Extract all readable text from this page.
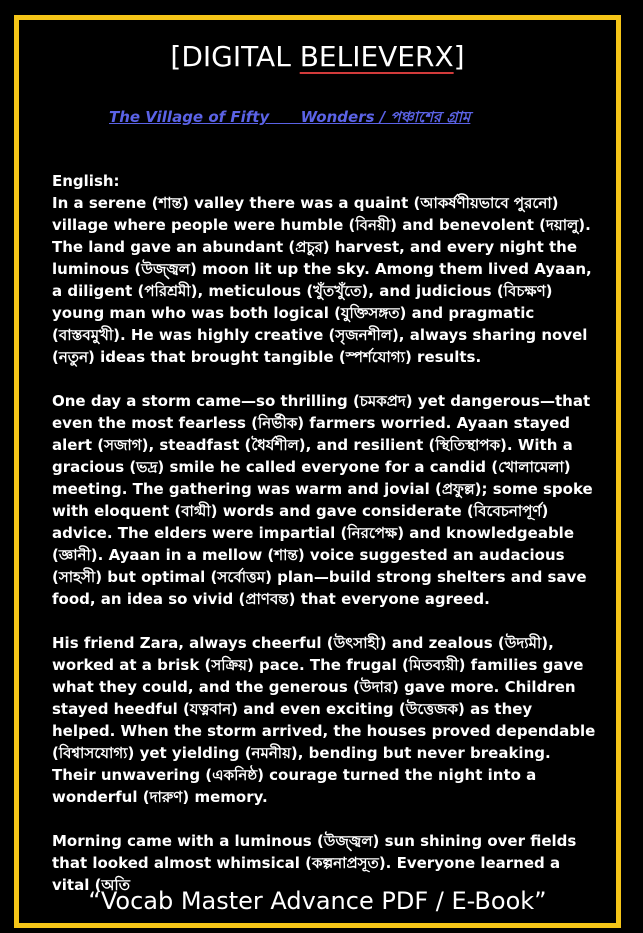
[DIGITAL BELIEVERX]
The Village of Fifty      Wonders / পঞ্চাশের গ্রাম
English:

In a serene (শান্ত) valley there was a quaint (আকর্ষণীয়ভাবে পুরনো) village where people were humble (বিনয়ী) and benevolent (দয়ালু). The land gave an abundant (প্রচুর) harvest, and every night the luminous (উজ্জ্বল) moon lit up the sky. Among them lived Ayaan, a diligent (পরিশ্রমী), meticulous (খুঁতখুঁতে), and judicious (বিচক্ষণ) young man who was both logical (যুক্তিসঙ্গত) and pragmatic (বাস্তবমুখী). He was highly creative (সৃজনশীল), always sharing novel (নতুন) ideas that brought tangible (স্পর্শযোগ্য) results.

One day a storm came—so thrilling (চমকপ্রদ) yet dangerous—that even the most fearless (নির্ভীক) farmers worried. Ayaan stayed alert (সজাগ), steadfast (ধৈর্যশীল), and resilient (স্থিতিস্থাপক). With a gracious (ভদ্র) smile he called everyone for a candid (খোলামেলা) meeting. The gathering was warm and jovial (প্রফুল্ল); some spoke with eloquent (বাগ্মী) words and gave considerate (বিবেচনাপূর্ণ) advice. The elders were impartial (নিরপেক্ষ) and knowledgeable (জ্ঞানী). Ayaan in a mellow (শান্ত) voice suggested an audacious (সাহসী) but optimal (সর্বোত্তম) plan—build strong shelters and save food, an idea so vivid (প্রাণবন্ত) that everyone agreed.

His friend Zara, always cheerful (উৎসাহী) and zealous (উদ্যমী), worked at a brisk (সক্রিয়) pace. The frugal (মিতব্যয়ী) families gave what they could, and the generous (উদার) gave more. Children stayed heedful (যত্নবান) and even exciting (উত্তেজক) as they helped. When the storm arrived, the houses proved dependable (বিশ্বাসযোগ্য) yet yielding (নমনীয়), bending but never breaking. Their unwavering (একনিষ্ঠ) courage turned the night into a wonderful (দারুণ) memory.

Morning came with a luminous (উজ্জ্বল) sun shining over fields that looked almost whimsical (কল্পনাপ্রসূত). Everyone learned a vital (অতি

“Vocab Master Advance PDF / E-Book”
